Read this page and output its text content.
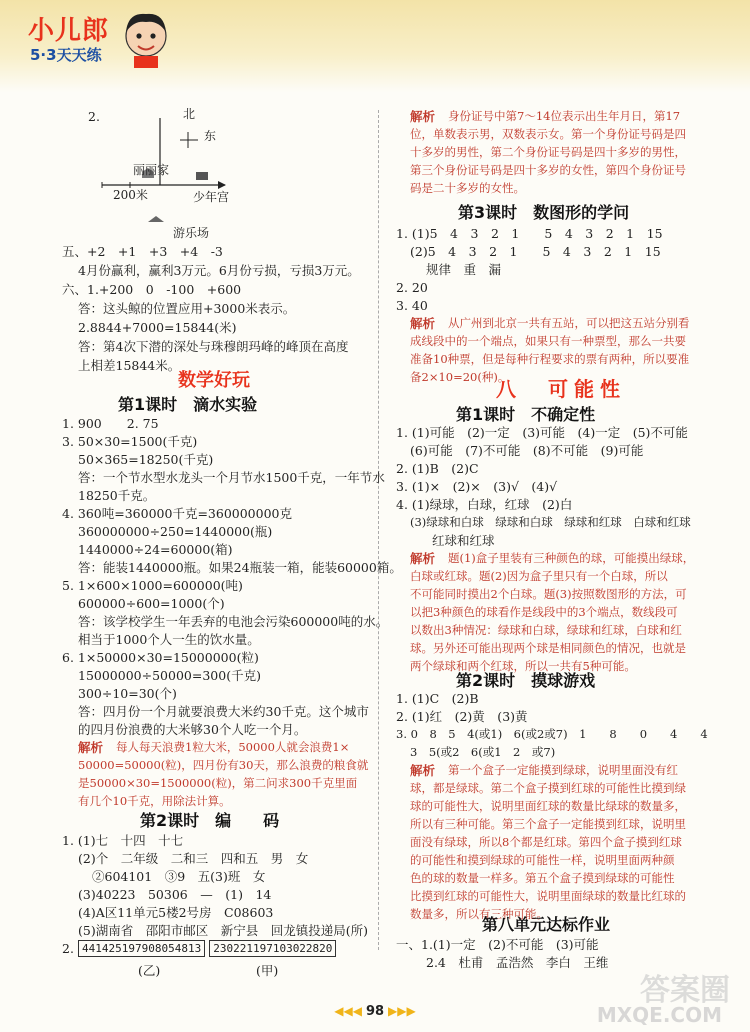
小儿郎
5·3天天练
2.	北
东
丽丽家
200米	少年宫
游乐场
五、+2　+1　+3　+4　-3
4月份赢利，赢利3万元。6月份亏损，亏损3万元。
六、1.+200　0　-100　+600
答：这头鲸的位置应用+3000米表示。
2.8844+7000=15844(米)
答：第4次下潜的深处与珠穆朗玛峰的峰顶在高度
上相差15844米。
数学好玩
第1课时　滴水实验
1. 900　　2. 75
3. 50×30=1500(千克)
50×365=18250(千克)
答：一个节水型水龙头一个月节水1500千克，一年节水
18250千克。
4. 360吨=360000千克=360000000克
360000000÷250=1440000(瓶)
1440000÷24=60000(箱)
答：能装1440000瓶。如果24瓶装一箱，能装60000箱。
5. 1×600×1000=600000(吨)
600000÷600=1000(个)
答：该学校学生一年丢弃的电池会污染600000吨的水。
相当于1000个人一生的饮水量。
6. 1×50000×30=15000000(粒)
15000000÷50000=300(千克)
300÷10=30(个)
答：四月份一个月就要浪费大米约30千克。这个城市
的四月份浪费的大米够30个人吃一个月。
解析 每人每天浪费1粒大米，50000人就会浪费1×
50000=50000(粒)，四月份有30天，那么浪费的粮食就
是50000×30=1500000(粒)，第二问求300千克里面
有几个10千克，用除法计算。
第2课时　编　　码
1. (1)七　十四　十七
(2)个　二年级　二和三　四和五　男　女
②604101　③9　五(3)班　女
(3)40223　50306　—　(1)　14
(4)A区11单元5楼2号房　C08603
(5)湖南省　邵阳市邮区　新宁县　回龙镇投递局(所)
441425197908054813 230221197103022820
2.
(乙)	(甲)
解析 身份证号中第7～14位表示出生年月日，第17
位，单数表示男，双数表示女。第一个身份证号码是四
十多岁的男性，第二个身份证号码是四十多岁的男性，
第三个身份证号码是四十多岁的女性，第四个身份证号
码是二十多岁的女性。
第3课时　数图形的学问
1. (1)5　4　3　2　1　　5　4　3　2　1　15
(2)5　4　3　2　1　　5　4　3　2　1　15
规律　重　漏
2. 20
3. 40
解析 从广州到北京一共有五站，可以把这五站分别看
成线段中的一个端点，如果只有一种票型，那么一共要
准备10种票，但是每种行程要求的票有两种，所以要准
备2×10=20(种)。
八　可能性
第1课时　不确定性
1. (1)可能　(2)一定　(3)可能　(4)一定　(5)不可能
(6)可能　(7)不可能　(8)不可能　(9)可能
2. (1)B　(2)C
3. (1)×　(2)×　(3)√　(4)√
4. (1)绿球，白球，红球　(2)白
(3)绿球和白球　绿球和白球　绿球和红球　白球和红球
红球和红球
解析 题(1)盒子里装有三种颜色的球，可能摸出绿球，
白球或红球。题(2)因为盒子里只有一个白球，所以
不可能同时摸出2个白球。题(3)按照数图形的方法，可
以把3种颜色的球看作是线段中的3个端点，数线段可
以数出3种情况：绿球和白球，绿球和红球，白球和红
球。另外还可能出现两个球是相同颜色的情况，也就是
两个绿球和两个红球，所以一共有5种可能。
第2课时　摸球游戏
1. (1)C　(2)B
2. (1)红　(2)黄　(3)黄
3. 0　8　5　4(或1)　6(或2或7)　1　　8　　0　　4　　4
3　5(或2　6(或1　2　或7)
解析 第一个盒子一定能摸到绿球，说明里面没有红
球，都是绿球。第二个盒子摸到红球的可能性比摸到绿
球的可能性大，说明里面红球的数量比绿球的数量多，
所以有三种可能。第三个盒子一定能摸到红球，说明里
面没有绿球，所以8个都是红球。第四个盒子摸到红球
的可能性和摸到绿球的可能性一样，说明里面两种颜
色的球的数量一样多。第五个盒子摸到绿球的可能性
比摸到红球的可能性大，说明里面绿球的数量比红球的
数量多，所以有三种可能。
第八单元达标作业
一、1.(1)一定　(2)不可能　(3)可能
2.4　杜甫　孟浩然　李白　王维
◀◀◀ 98 ▶▶▶
答案圈
MXQE.COM
